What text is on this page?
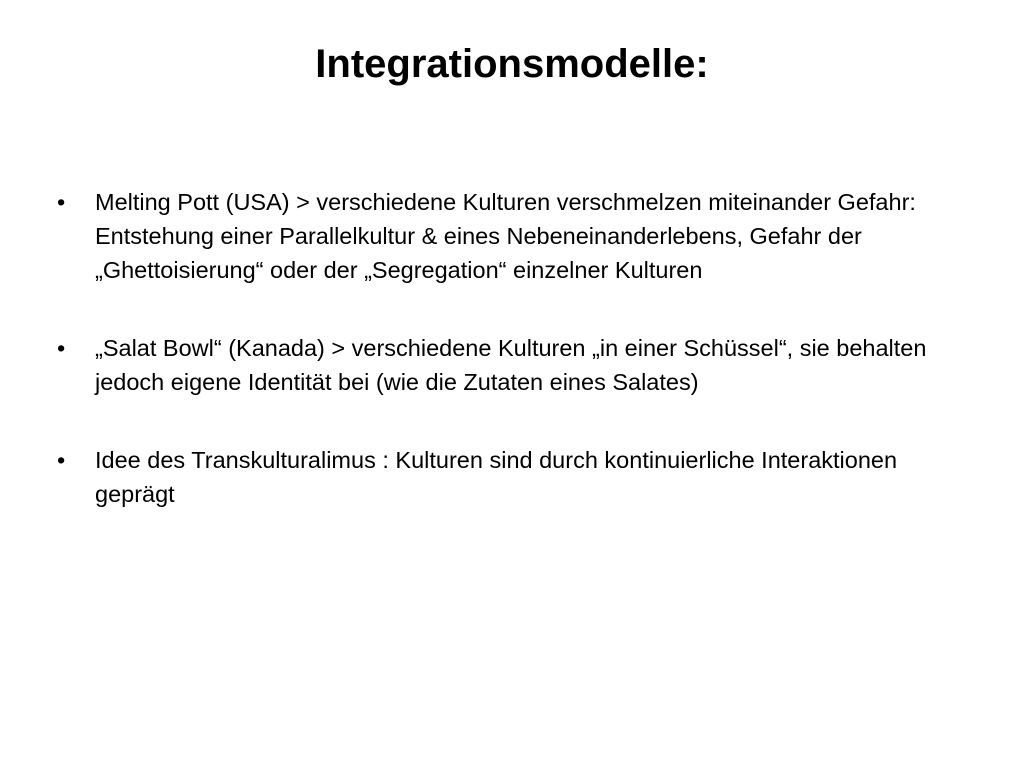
Integrationsmodelle:
• Melting Pott (USA) > verschiedene Kulturen verschmelzen miteinander Gefahr: Entstehung einer Parallelkultur & eines Nebeneinanderlebens, Gefahr der „Ghettoisierung“ oder der „Segregation“ einzelner Kulturen
• „Salat Bowl“ (Kanada) > verschiedene Kulturen „in einer Schüssel“, sie behalten jedoch eigene Identität bei (wie die Zutaten eines Salates)
• Idee des Transkulturalimus : Kulturen sind durch kontinuierliche Interaktionen geprägt
